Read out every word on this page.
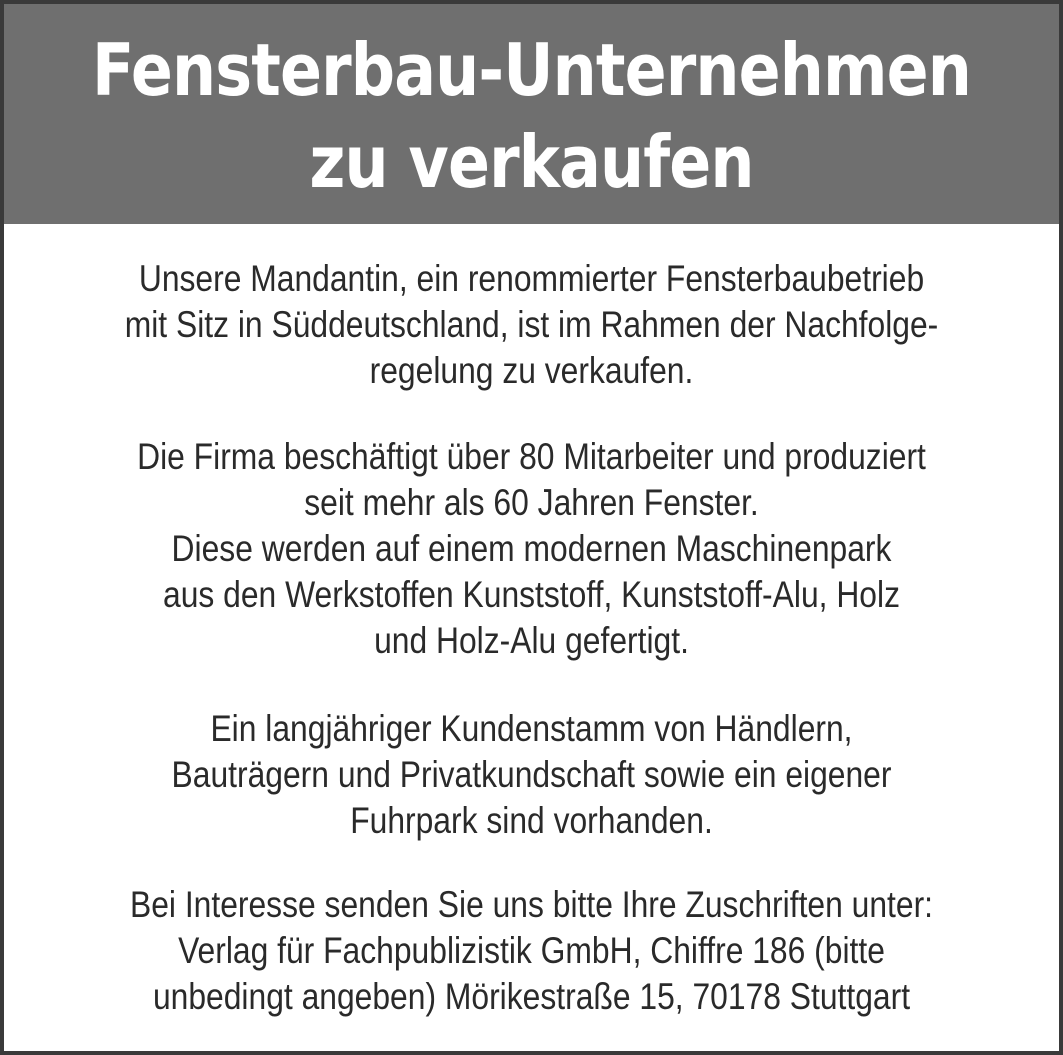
Fensterbau-Unternehmen
zu verkaufen
Unsere Mandantin, ein renommierter Fensterbaubetrieb
mit Sitz in Süddeutschland, ist im Rahmen der Nachfolge-
regelung zu verkaufen.
Die Firma beschäftigt über 80 Mitarbeiter und produziert
seit mehr als 60 Jahren Fenster.
Diese werden auf einem modernen Maschinenpark
aus den Werkstoffen Kunststoff, Kunststoff-Alu, Holz
und Holz-Alu gefertigt.
Ein langjähriger Kundenstamm von Händlern,
Bauträgern und Privatkundschaft sowie ein eigener
Fuhrpark sind vorhanden.
Bei Interesse senden Sie uns bitte Ihre Zuschriften unter:
Verlag für Fachpublizistik GmbH, Chiffre 186 (bitte
unbedingt angeben) Mörikestraße 15, 70178 Stuttgart
